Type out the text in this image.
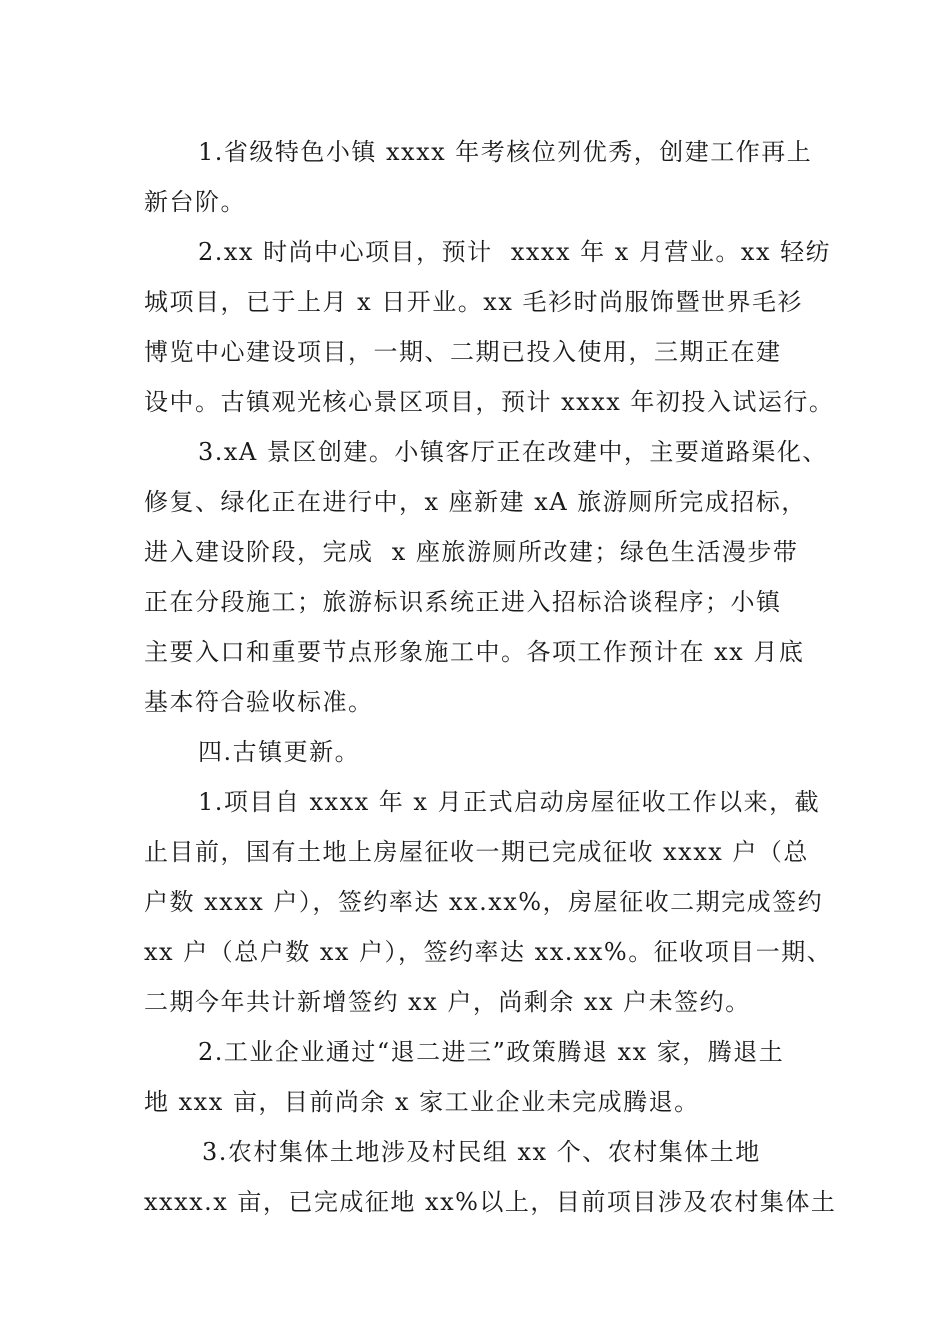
1.省级特色小镇 xxxx 年考核位列优秀，创建工作再上
新台阶。
2.xx 时尚中心项目，预计  xxxx 年 x 月营业。xx 轻纺
城项目，已于上月 x 日开业。xx 毛衫时尚服饰暨世界毛衫
博览中心建设项目，一期、二期已投入使用，三期正在建
设中。古镇观光核心景区项目，预计 xxxx 年初投入试运行。
3.xA 景区创建。小镇客厅正在改建中，主要道路渠化、
修复、绿化正在进行中，x 座新建 xA 旅游厕所完成招标，
进入建设阶段，完成  x 座旅游厕所改建；绿色生活漫步带
正在分段施工；旅游标识系统正进入招标洽谈程序；小镇
主要入口和重要节点形象施工中。各项工作预计在 xx 月底
基本符合验收标准。
四.古镇更新。
1.项目自 xxxx 年 x 月正式启动房屋征收工作以来，截
止目前，国有土地上房屋征收一期已完成征收 xxxx 户（总
户数 xxxx 户），签约率达 xx.xx%，房屋征收二期完成签约
xx 户（总户数 xx 户），签约率达 xx.xx%。征收项目一期、
二期今年共计新增签约 xx 户，尚剩余 xx 户未签约。
2.工业企业通过“退二进三”政策腾退 xx 家，腾退土
地 xxx 亩，目前尚余 x 家工业企业未完成腾退。
3.农村集体土地涉及村民组 xx 个、农村集体土地
xxxx.x 亩，已完成征地 xx%以上，目前项目涉及农村集体土
